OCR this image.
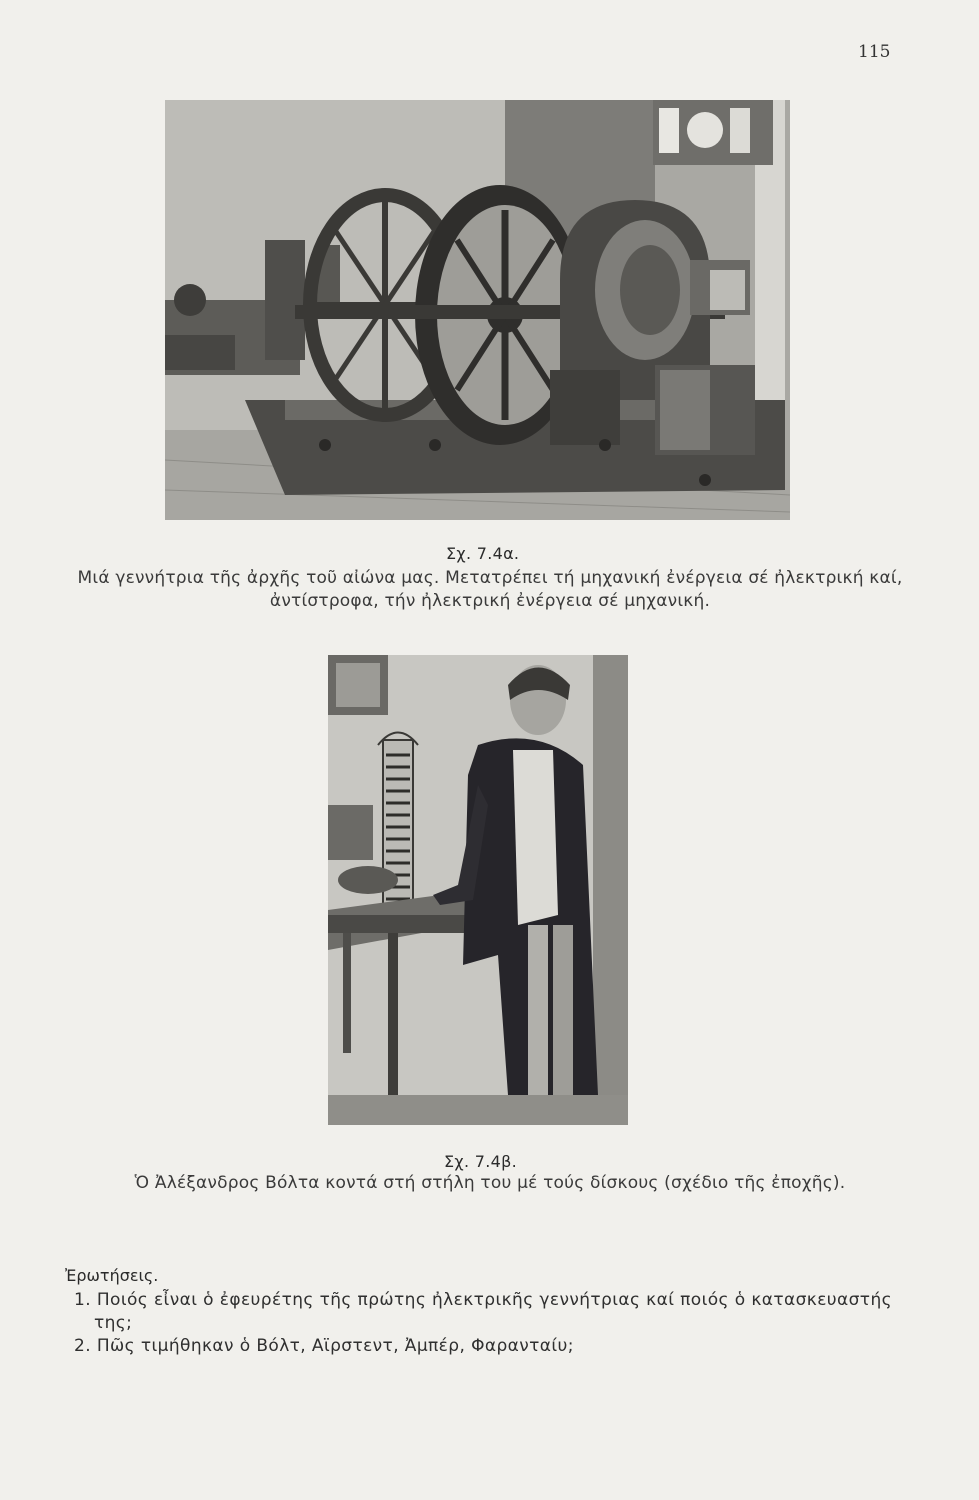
115
Σχ. 7.4α.
Μιά γεννήτρια τῆς ἀρχῆς τοῦ αἰώνα μας. Μετατρέπει τή μηχανική ἐνέργεια σέ ἠλεκτρική καί,
ἀντίστροφα, τήν ἠλεκτρική ἐνέργεια σέ μηχανική.
Σχ. 7.4β.
Ὁ Ἀλέξανδρος Βόλτα κοντά στή στήλη του μέ τούς δίσκους (σχέδιο τῆς ἐποχῆς).
Ἐρωτήσεις.
1. Ποιός εἶναι ὁ ἐφευρέτης τῆς πρώτης ἠλεκτρικῆς γεννήτριας καί ποιός ὁ κατασκευαστής
της;
2. Πῶς τιμήθηκαν ὁ Βόλτ, Αϊρστεντ, Ἀμπέρ, Φαρανταίυ;
